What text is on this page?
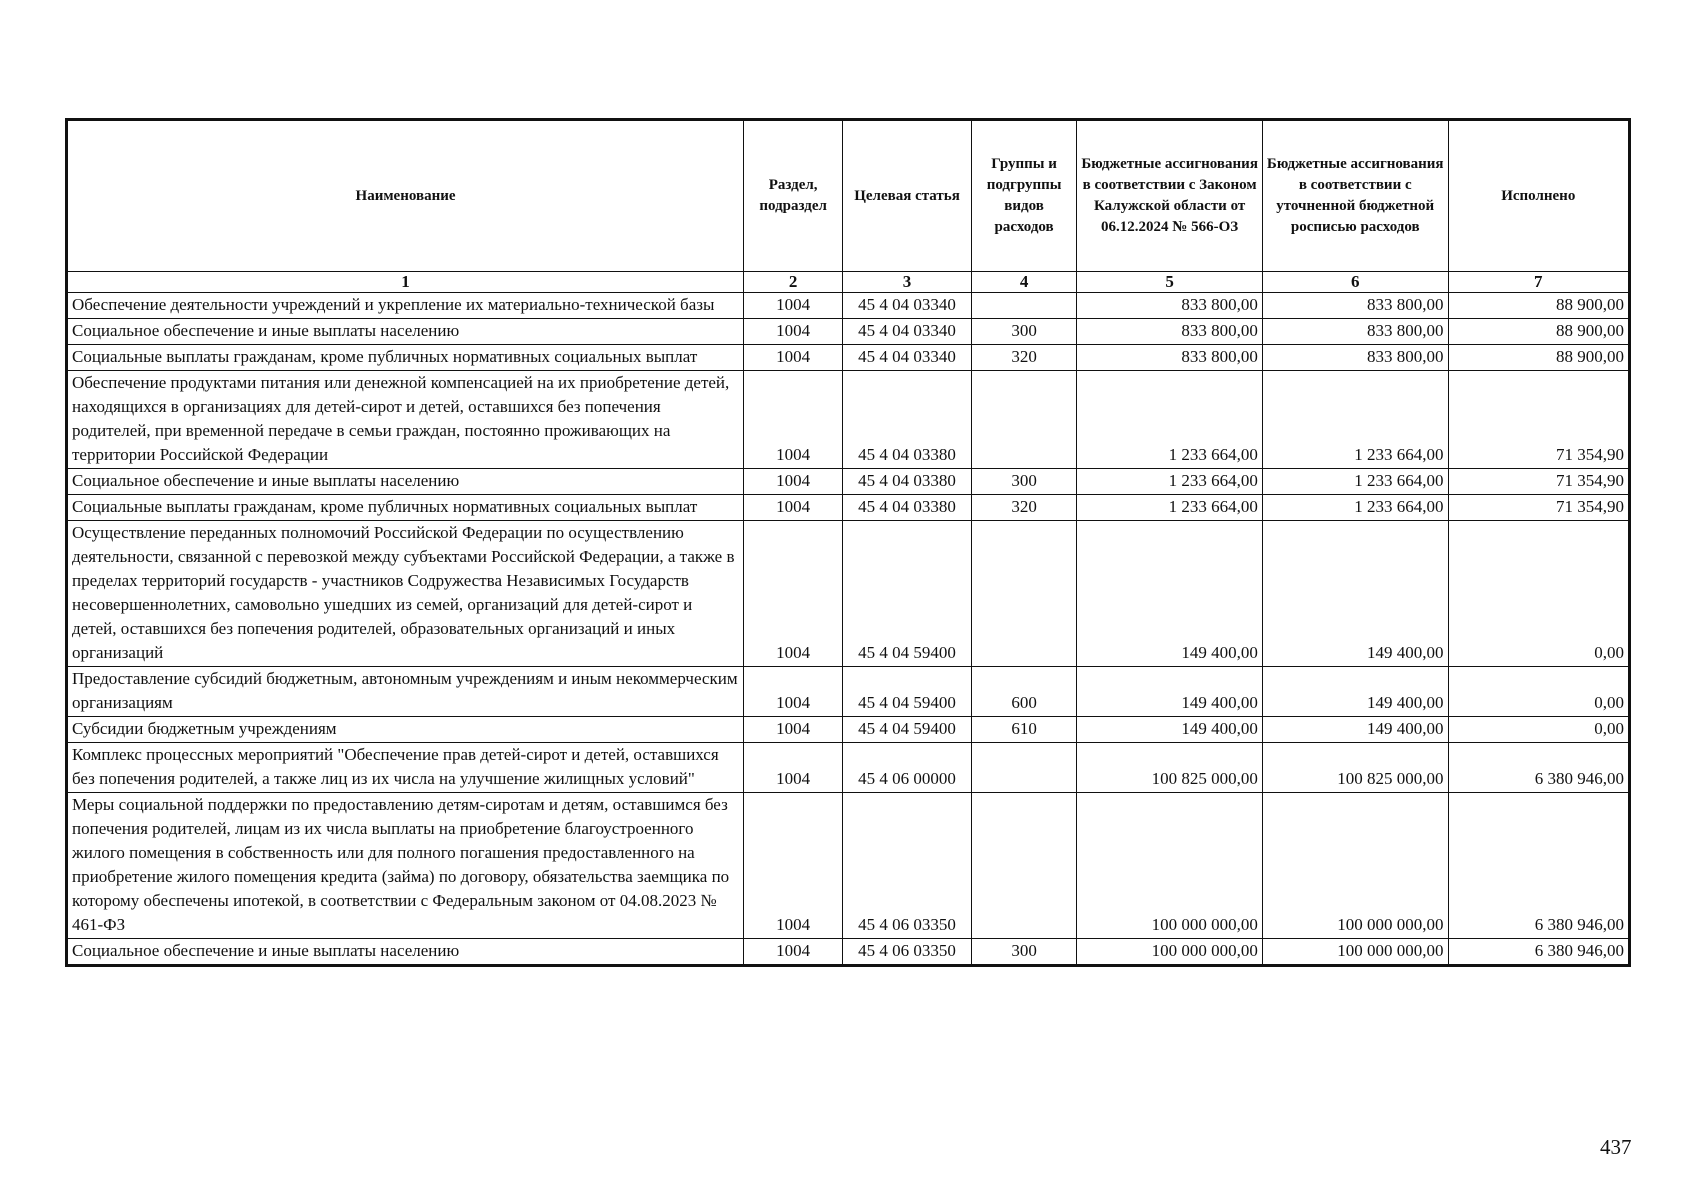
Наименование	Раздел, подраздел	Целевая статья	Группы и подгруппы видов расходов	Бюджетные ассигнования в соответствии с Законом Калужской области от 06.12.2024 № 566-ОЗ	Бюджетные ассигнования в соответствии с уточненной бюджетной росписью расходов	Исполнено
1	2	3	4	5	6	7
Обеспечение деятельности учреждений и укрепление их материально-технической базы	1004	45 4 04 03340		833 800,00	833 800,00	88 900,00
Социальное обеспечение и иные выплаты населению	1004	45 4 04 03340	300	833 800,00	833 800,00	88 900,00
Социальные выплаты гражданам, кроме публичных нормативных социальных выплат	1004	45 4 04 03340	320	833 800,00	833 800,00	88 900,00
Обеспечение продуктами питания или денежной компенсацией на их приобретение детей, находящихся в организациях для детей-сирот и детей, оставшихся без попечения родителей, при временной передаче в семьи граждан, постоянно проживающих на территории Российской Федерации	1004	45 4 04 03380		1 233 664,00	1 233 664,00	71 354,90
Социальное обеспечение и иные выплаты населению	1004	45 4 04 03380	300	1 233 664,00	1 233 664,00	71 354,90
Социальные выплаты гражданам, кроме публичных нормативных социальных выплат	1004	45 4 04 03380	320	1 233 664,00	1 233 664,00	71 354,90
Осуществление переданных полномочий Российской Федерации по осуществлению деятельности, связанной с перевозкой между субъектами Российской Федерации, а также в пределах территорий государств - участников Содружества Независимых Государств несовершеннолетних, самовольно ушедших из семей, организаций для детей-сирот и детей, оставшихся без попечения родителей, образовательных организаций и иных организаций	1004	45 4 04 59400		149 400,00	149 400,00	0,00
Предоставление субсидий бюджетным, автономным учреждениям и иным некоммерческим организациям	1004	45 4 04 59400	600	149 400,00	149 400,00	0,00
Субсидии бюджетным учреждениям	1004	45 4 04 59400	610	149 400,00	149 400,00	0,00
Комплекс процессных мероприятий "Обеспечение прав детей-сирот и детей, оставшихся без попечения родителей, а также лиц из их числа на улучшение жилищных условий"	1004	45 4 06 00000		100 825 000,00	100 825 000,00	6 380 946,00
Меры социальной поддержки по предоставлению детям-сиротам и детям, оставшимся без попечения родителей, лицам из их числа выплаты на приобретение благоустроенного жилого помещения в собственность или для полного погашения предоставленного на приобретение жилого помещения кредита (займа) по договору, обязательства заемщика по которому обеспечены ипотекой, в соответствии с Федеральным законом от 04.08.2023 № 461-ФЗ	1004	45 4 06 03350		100 000 000,00	100 000 000,00	6 380 946,00
Социальное обеспечение и иные выплаты населению	1004	45 4 06 03350	300	100 000 000,00	100 000 000,00	6 380 946,00
437
